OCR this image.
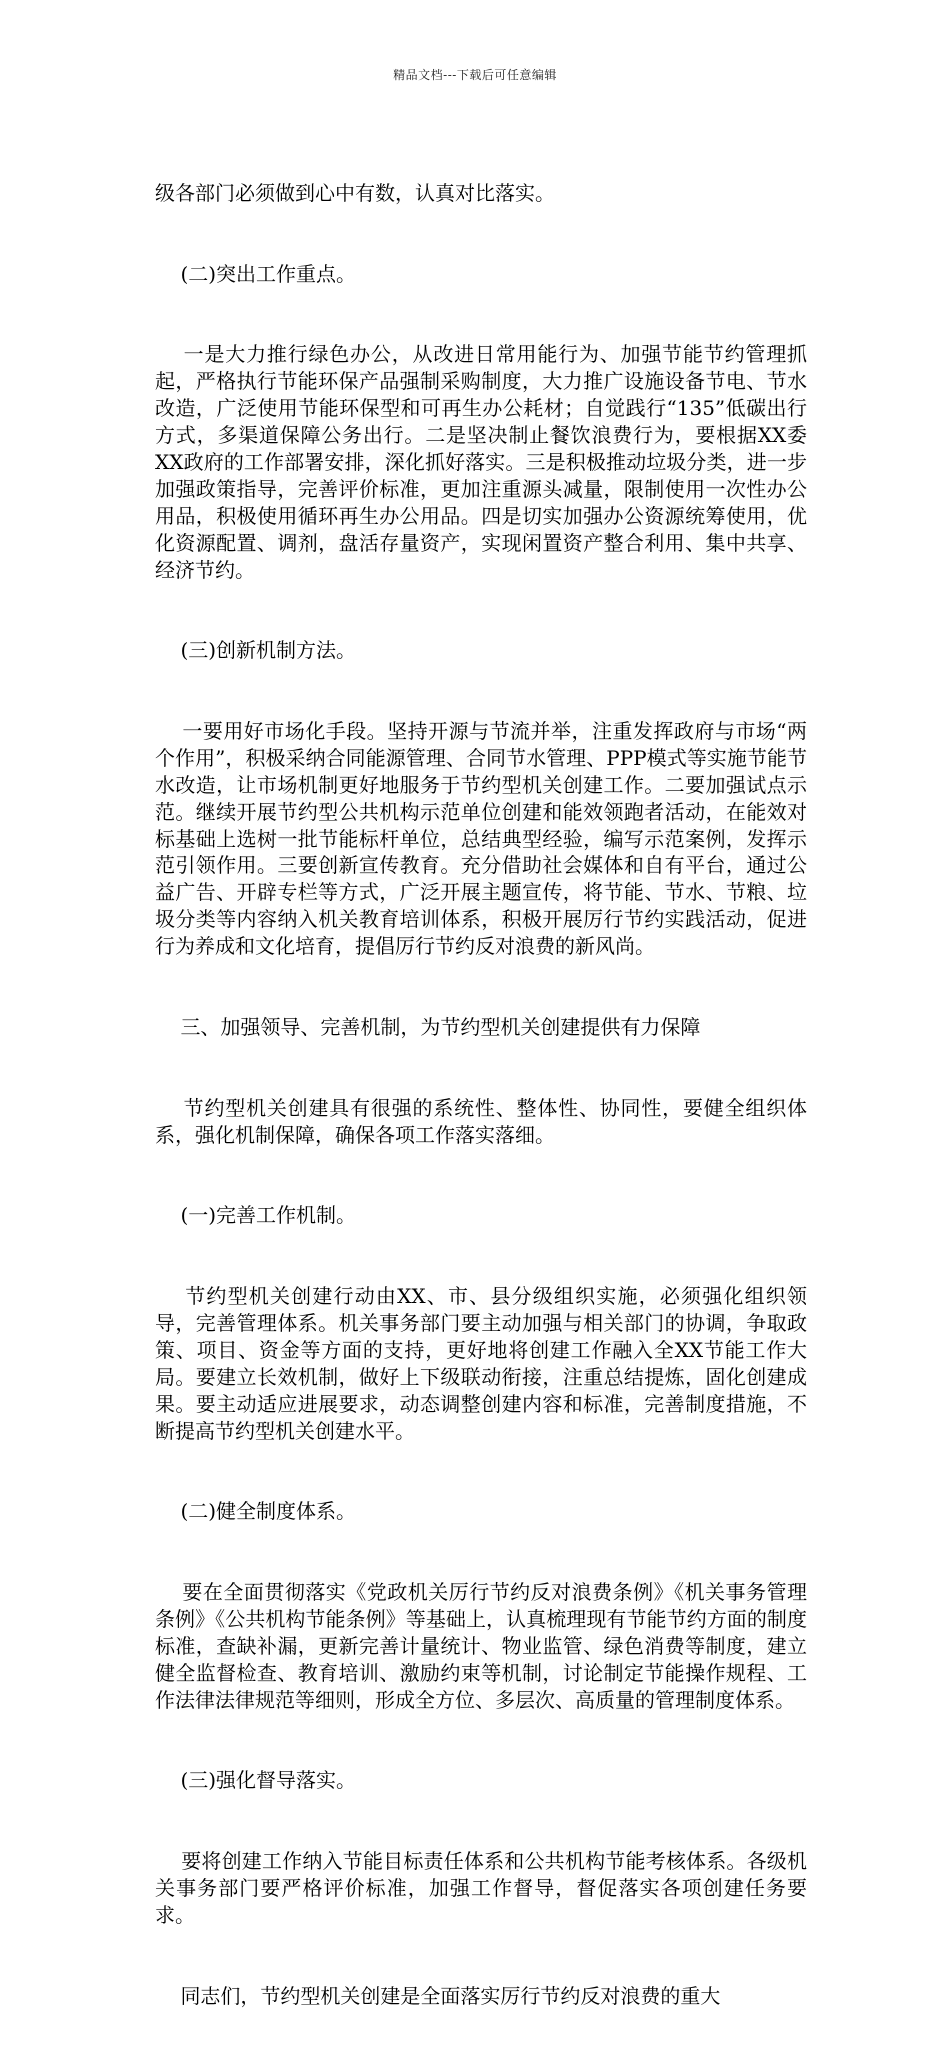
精品文档---下载后可任意编辑

级各部门必须做到心中有数，认真对比落实。

(二)突出工作重点。

一是大力推行绿色办公，从改进日常用能行为、加强节能节约管理抓起，严格执行节能环保产品强制采购制度，大力推广设施设备节电、节水改造，广泛使用节能环保型和可再生办公耗材；自觉践行“135”低碳出行方式，多渠道保障公务出行。二是坚决制止餐饮浪费行为，要根据XX委XX政府的工作部署安排，深化抓好落实。三是积极推动垃圾分类，进一步加强政策指导，完善评价标准，更加注重源头减量，限制使用一次性办公用品，积极使用循环再生办公用品。四是切实加强办公资源统筹使用，优化资源配置、调剂，盘活存量资产，实现闲置资产整合利用、集中共享、经济节约。

(三)创新机制方法。

一要用好市场化手段。坚持开源与节流并举，注重发挥政府与市场“两个作用”，积极采纳合同能源管理、合同节水管理、PPP模式等实施节能节水改造，让市场机制更好地服务于节约型机关创建工作。二要加强试点示范。继续开展节约型公共机构示范单位创建和能效领跑者活动，在能效对标基础上选树一批节能标杆单位，总结典型经验，编写示范案例，发挥示范引领作用。三要创新宣传教育。充分借助社会媒体和自有平台，通过公益广告、开辟专栏等方式，广泛开展主题宣传，将节能、节水、节粮、垃圾分类等内容纳入机关教育培训体系，积极开展厉行节约实践活动，促进行为养成和文化培育，提倡厉行节约反对浪费的新风尚。

三、加强领导、完善机制，为节约型机关创建提供有力保障

节约型机关创建具有很强的系统性、整体性、协同性，要健全组织体系，强化机制保障，确保各项工作落实落细。

(一)完善工作机制。

节约型机关创建行动由XX、市、县分级组织实施，必须强化组织领导，完善管理体系。机关事务部门要主动加强与相关部门的协调，争取政策、项目、资金等方面的支持，更好地将创建工作融入全XX节能工作大局。要建立长效机制，做好上下级联动衔接，注重总结提炼，固化创建成果。要主动适应进展要求，动态调整创建内容和标准，完善制度措施，不断提高节约型机关创建水平。

(二)健全制度体系。

要在全面贯彻落实《党政机关厉行节约反对浪费条例》《机关事务管理条例》《公共机构节能条例》等基础上，认真梳理现有节能节约方面的制度标准，查缺补漏，更新完善计量统计、物业监管、绿色消费等制度，建立健全监督检查、教育培训、激励约束等机制，讨论制定节能操作规程、工作法律法律规范等细则，形成全方位、多层次、高质量的管理制度体系。

(三)强化督导落实。

要将创建工作纳入节能目标责任体系和公共机构节能考核体系。各级机关事务部门要严格评价标准，加强工作督导，督促落实各项创建任务要求。

同志们，节约型机关创建是全面落实厉行节约反对浪费的重大
